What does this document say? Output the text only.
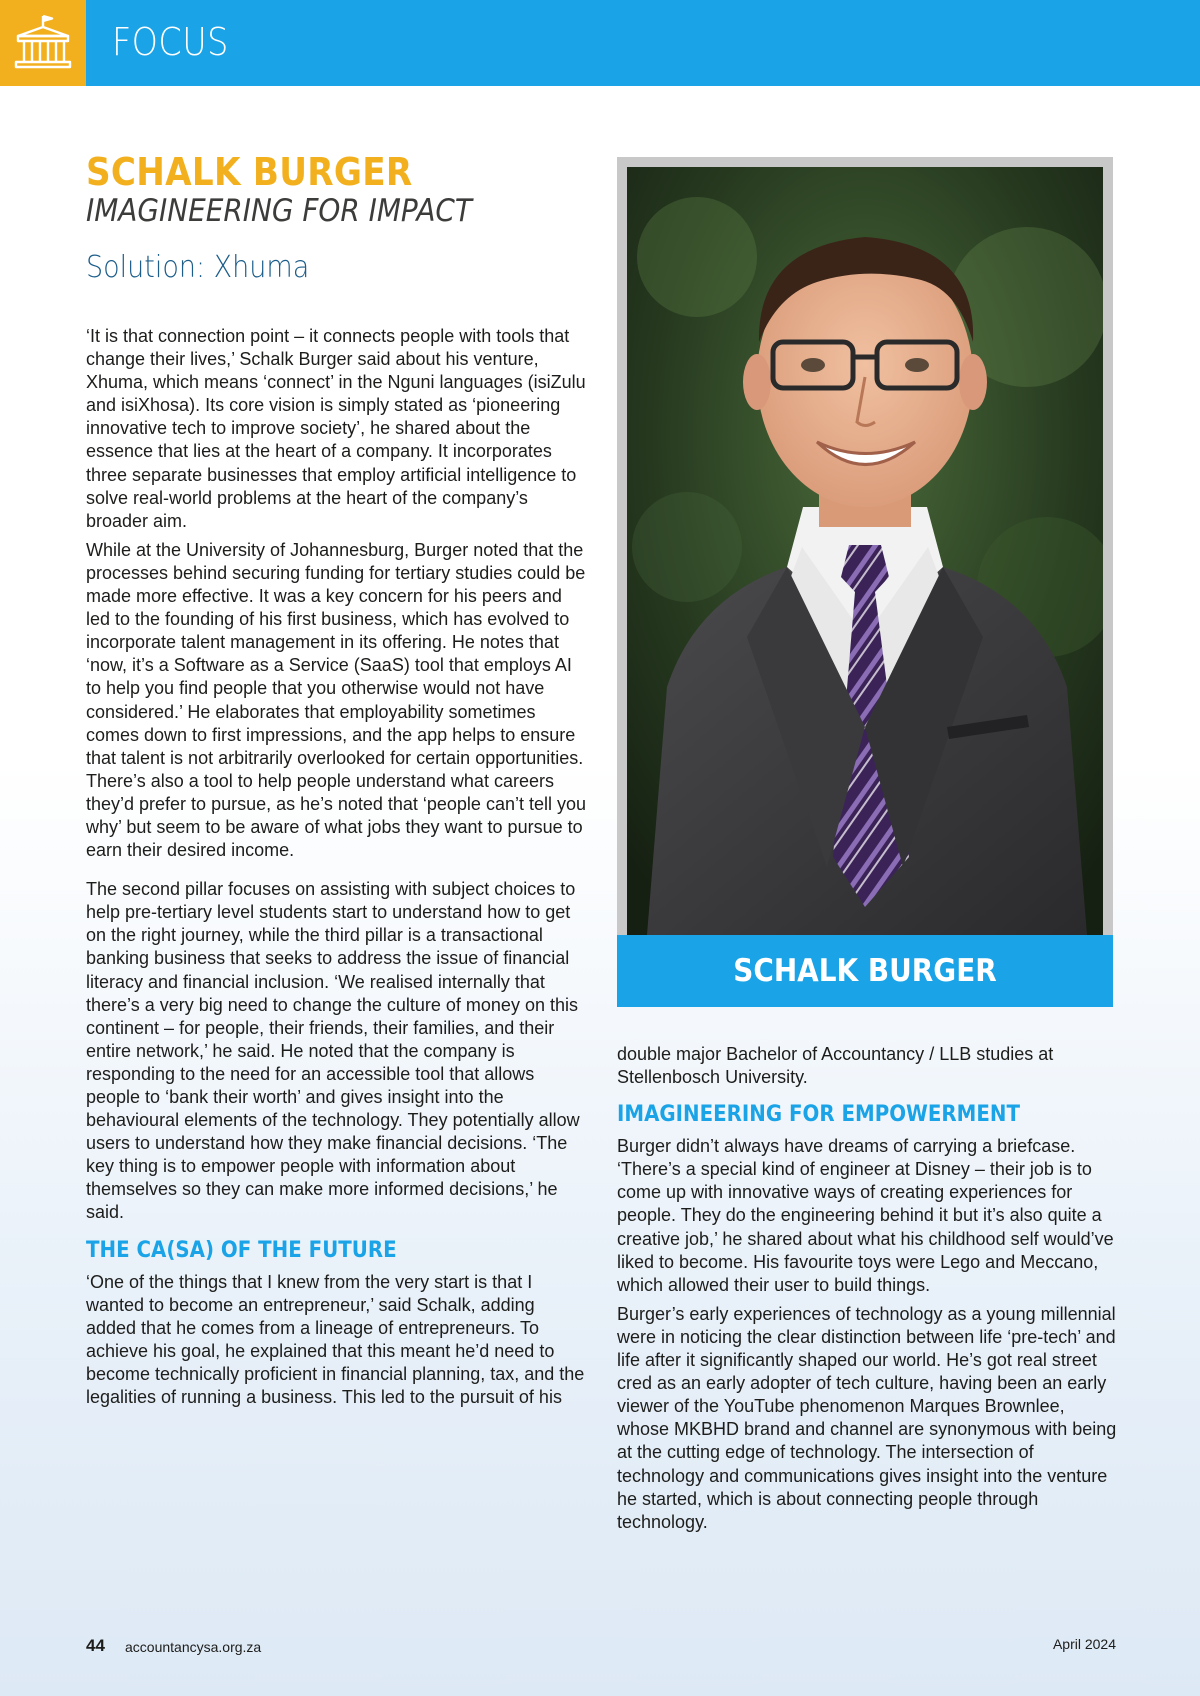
FOCUS
SCHALK BURGER
IMAGINEERING FOR IMPACT
Solution: Xhuma

‘It is that connection point – it connects people with tools that change their lives,’ Schalk Burger said about his venture, Xhuma, which means ‘connect’ in the Nguni languages (isiZulu and isiXhosa). Its core vision is simply stated as ‘pioneering innovative tech to improve society’, he shared about the essence that lies at the heart of a company. It incorporates three separate businesses that employ artificial intelligence to solve real-world problems at the heart of the company’s broader aim.

While at the University of Johannesburg, Burger noted that the processes behind securing funding for tertiary studies could be made more effective. It was a key concern for his peers and led to the founding of his first business, which has evolved to incorporate talent management in its offering. He notes that ‘now, it’s a Software as a Service (SaaS) tool that employs AI to help you find people that you otherwise would not have considered.’ He elaborates that employability sometimes comes down to first impressions, and the app helps to ensure that talent is not arbitrarily overlooked for certain opportunities. There’s also a tool to help people understand what careers they’d prefer to pursue, as he’s noted that ‘people can’t tell you why’ but seem to be aware of what jobs they want to pursue to earn their desired income.

The second pillar focuses on assisting with subject choices to help pre-tertiary level students start to understand how to get on the right journey, while the third pillar is a transactional banking business that seeks to address the issue of financial literacy and financial inclusion. ‘We realised internally that there’s a very big need to change the culture of money on this continent – for people, their friends, their families, and their entire network,’ he said. He noted that the company is responding to the need for an accessible tool that allows people to ‘bank their worth’ and gives insight into the behavioural elements of the technology. They potentially allow users to understand how they make financial decisions. ‘The key thing is to empower people with information about themselves so they can make more informed decisions,’ he said.

THE CA(SA) OF THE FUTURE

‘One of the things that I knew from the very start is that I wanted to become an entrepreneur,’ said Schalk, adding added that he comes from a lineage of entrepreneurs. To achieve his goal, he explained that this meant he’d need to become technically proficient in financial planning, tax, and the legalities of running a business. This led to the pursuit of his

SCHALK BURGER

double major Bachelor of Accountancy / LLB studies at Stellenbosch University.

IMAGINEERING FOR EMPOWERMENT

Burger didn’t always have dreams of carrying a briefcase. ‘There’s a special kind of engineer at Disney – their job is to come up with innovative ways of creating experiences for people. They do the engineering behind it but it’s also quite a creative job,’ he shared about what his childhood self would’ve liked to become. His favourite toys were Lego and Meccano, which allowed their user to build things.

Burger’s early experiences of technology as a young millennial were in noticing the clear distinction between life ‘pre-tech’ and life after it significantly shaped our world. He’s got real street cred as an early adopter of tech culture, having been an early viewer of the YouTube phenomenon Marques Brownlee, whose MKBHD brand and channel are synonymous with being at the cutting edge of technology. The intersection of technology and communications gives insight into the venture he started, which is about connecting people through technology.

44 accountancysa.org.za	April 2024
